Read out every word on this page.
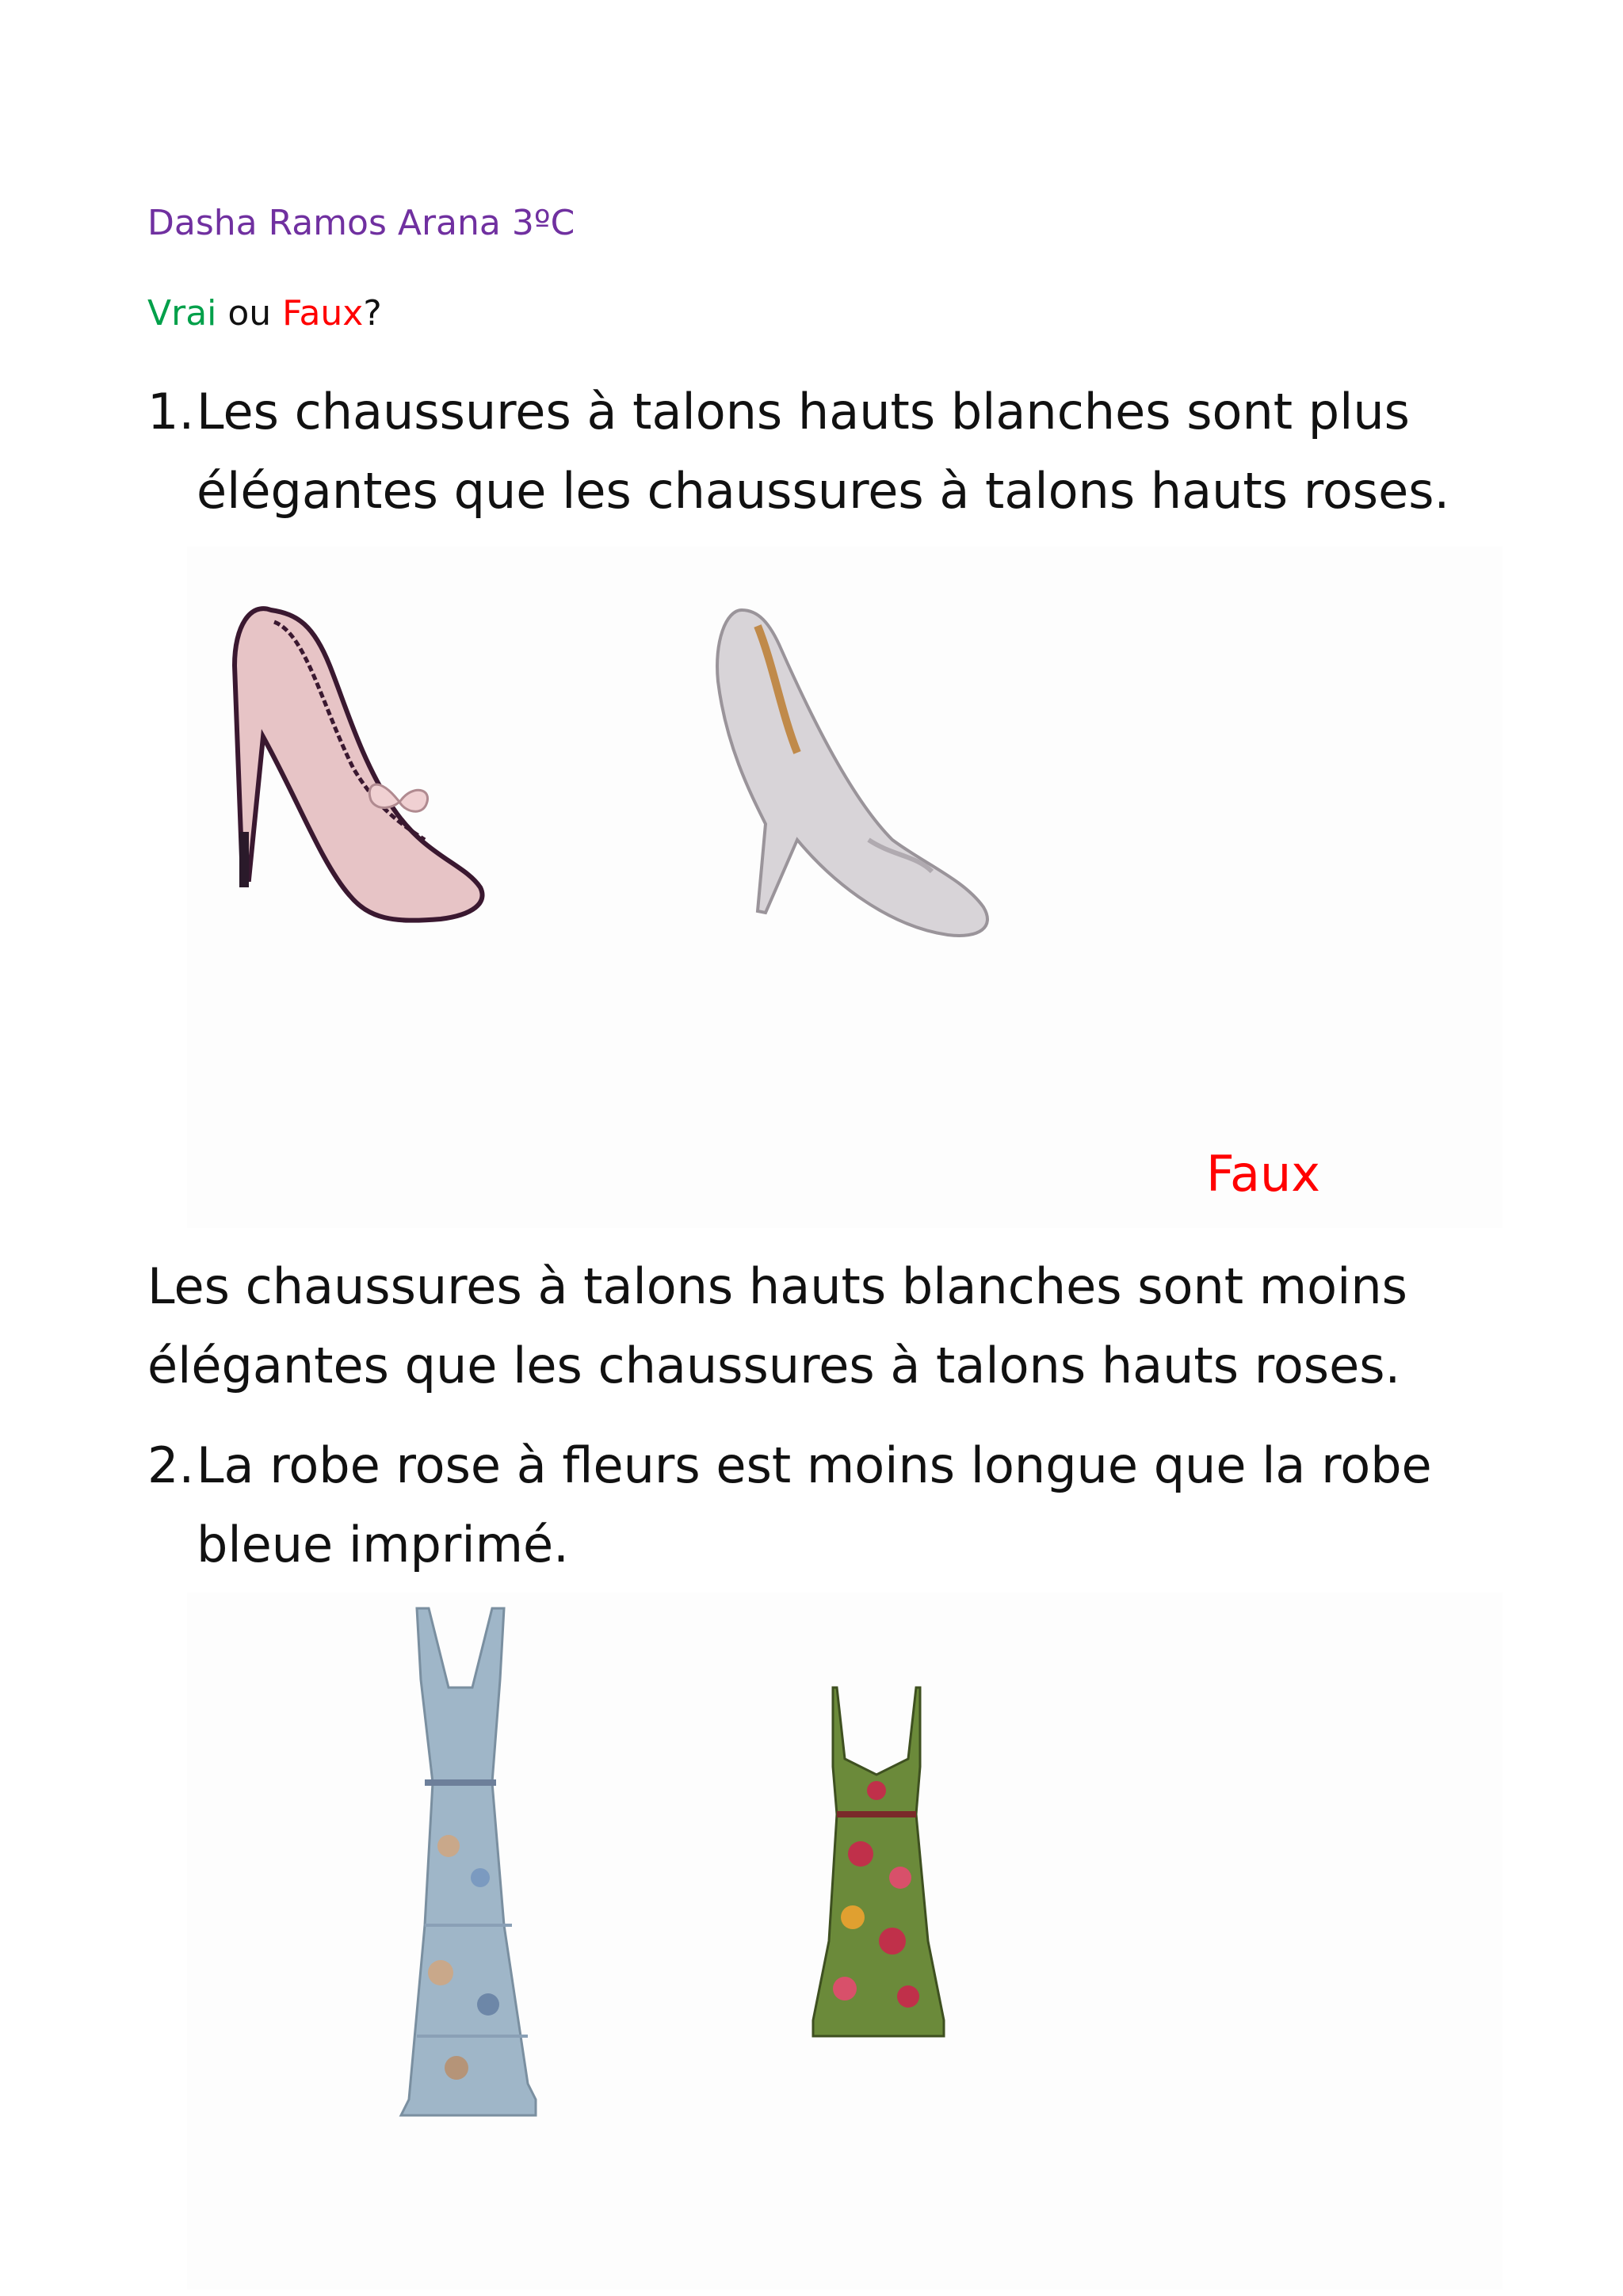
Dasha Ramos Arana 3ºC
Vrai ou Faux?
1. Les chaussures à talons hauts blanches sont plus élégantes que les chaussures à talons hauts roses.
Faux
Les chaussures à talons hauts blanches sont moins élégantes que les chaussures à talons hauts roses.
2. La robe rose à fleurs est moins longue que la robe bleue imprimé.
